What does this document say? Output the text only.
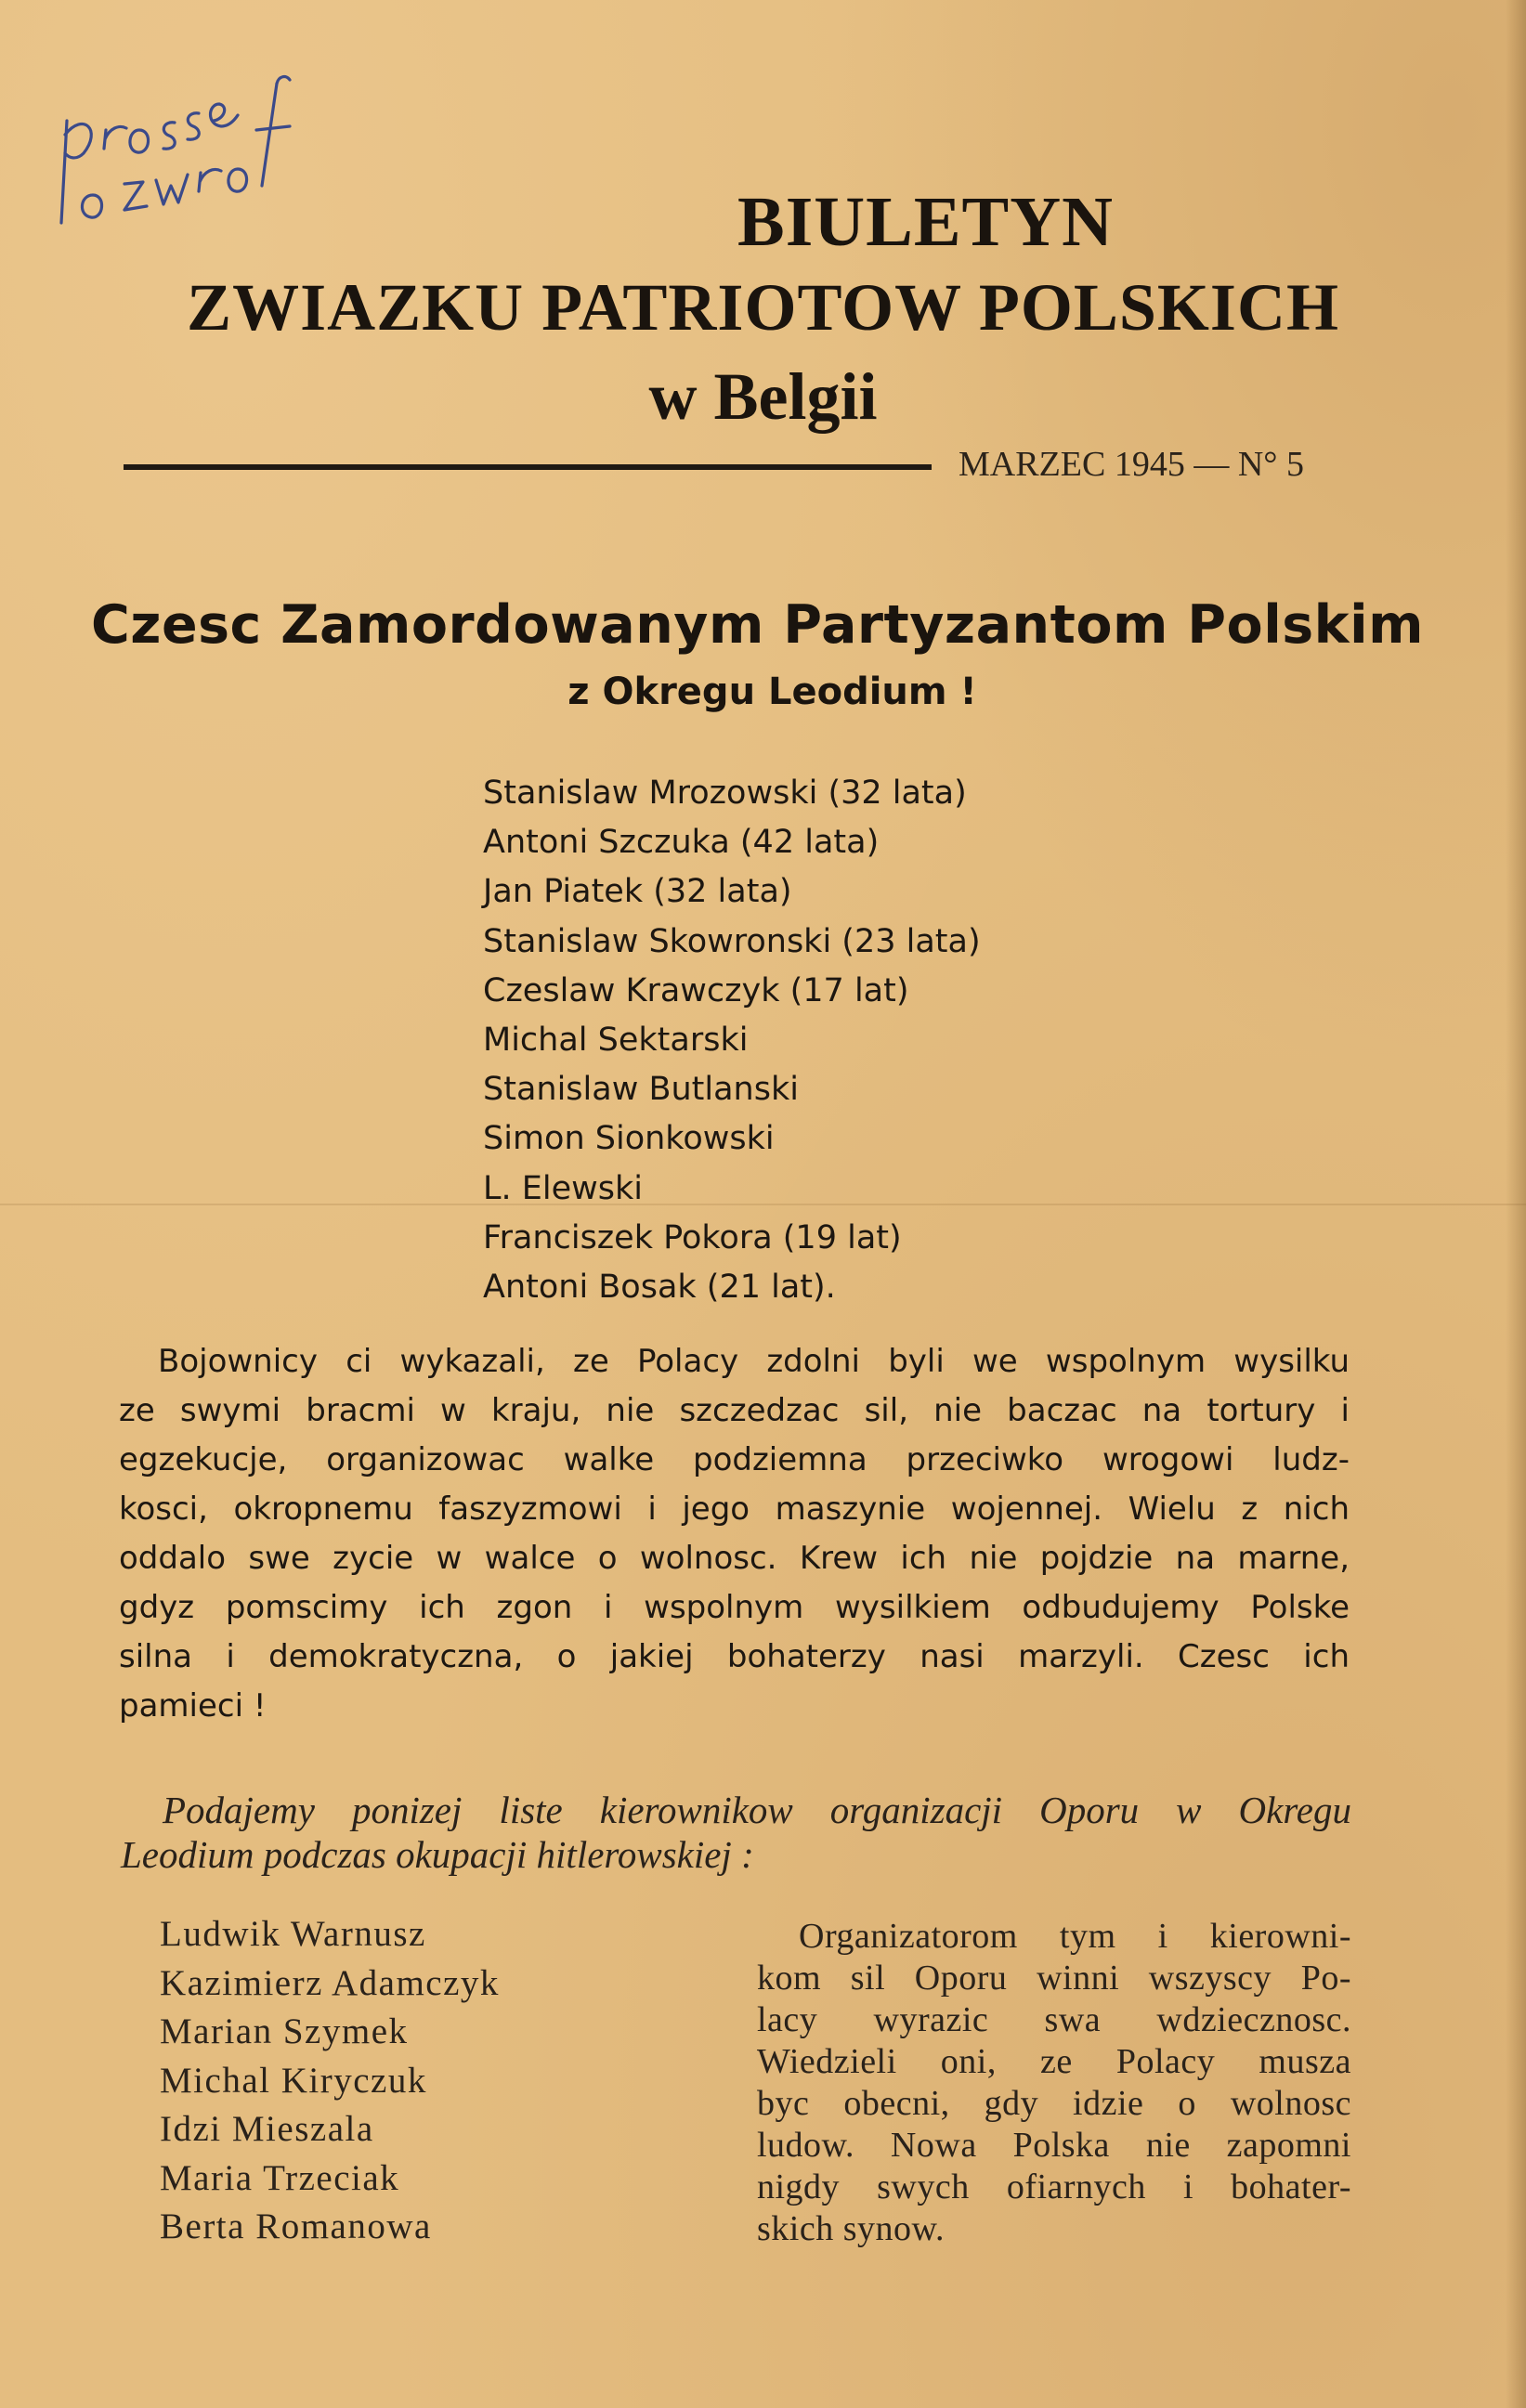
BIULETYN
ZWIAZKU PATRIOTOW POLSKICH
w Belgii
MARZEC 1945 — N° 5
Czesc Zamordowanym Partyzantom Polskim
z Okregu Leodium !
Stanislaw Mrozowski (32 lata)
Antoni Szczuka (42 lata)
Jan Piatek (32 lata)
Stanislaw Skowronski (23 lata)
Czeslaw Krawczyk (17 lat)
Michal Sektarski
Stanislaw Butlanski
Simon Sionkowski
L. Elewski
Franciszek Pokora (19 lat)
Antoni Bosak (21 lat).

Bojownicy ci wykazali, ze Polacy zdolni byli we wspolnym wysilku
ze swymi bracmi w kraju, nie szczedzac sil, nie baczac na tortury i
egzekucje, organizowac walke podziemna przeciwko wrogowi ludz-
kosci, okropnemu faszyzmowi i jego maszynie wojennej. Wielu z nich
oddalo swe zycie w walce o wolnosc. Krew ich nie pojdzie na marne,
gdyz pomscimy ich zgon i wspolnym wysilkiem odbudujemy Polske
silna i demokratyczna, o jakiej bohaterzy nasi marzyli. Czesc ich
pamieci !

Podajemy ponizej liste kierownikow organizacji Oporu w Okregu
Leodium podczas okupacji hitlerowskiej :
Ludwik Warnusz
Kazimierz Adamczyk
Marian Szymek
Michal Kiryczuk
Idzi Mieszala
Maria Trzeciak
Berta Romanowa
Organizatorom tym i kierowni-
kom sil Oporu winni wszyscy Po-
lacy wyrazic swa wdziecznosc.
Wiedzieli oni, ze Polacy musza
byc obecni, gdy idzie o wolnosc
ludow. Nowa Polska nie zapomni
nigdy swych ofiarnych i bohater-
skich synow.
